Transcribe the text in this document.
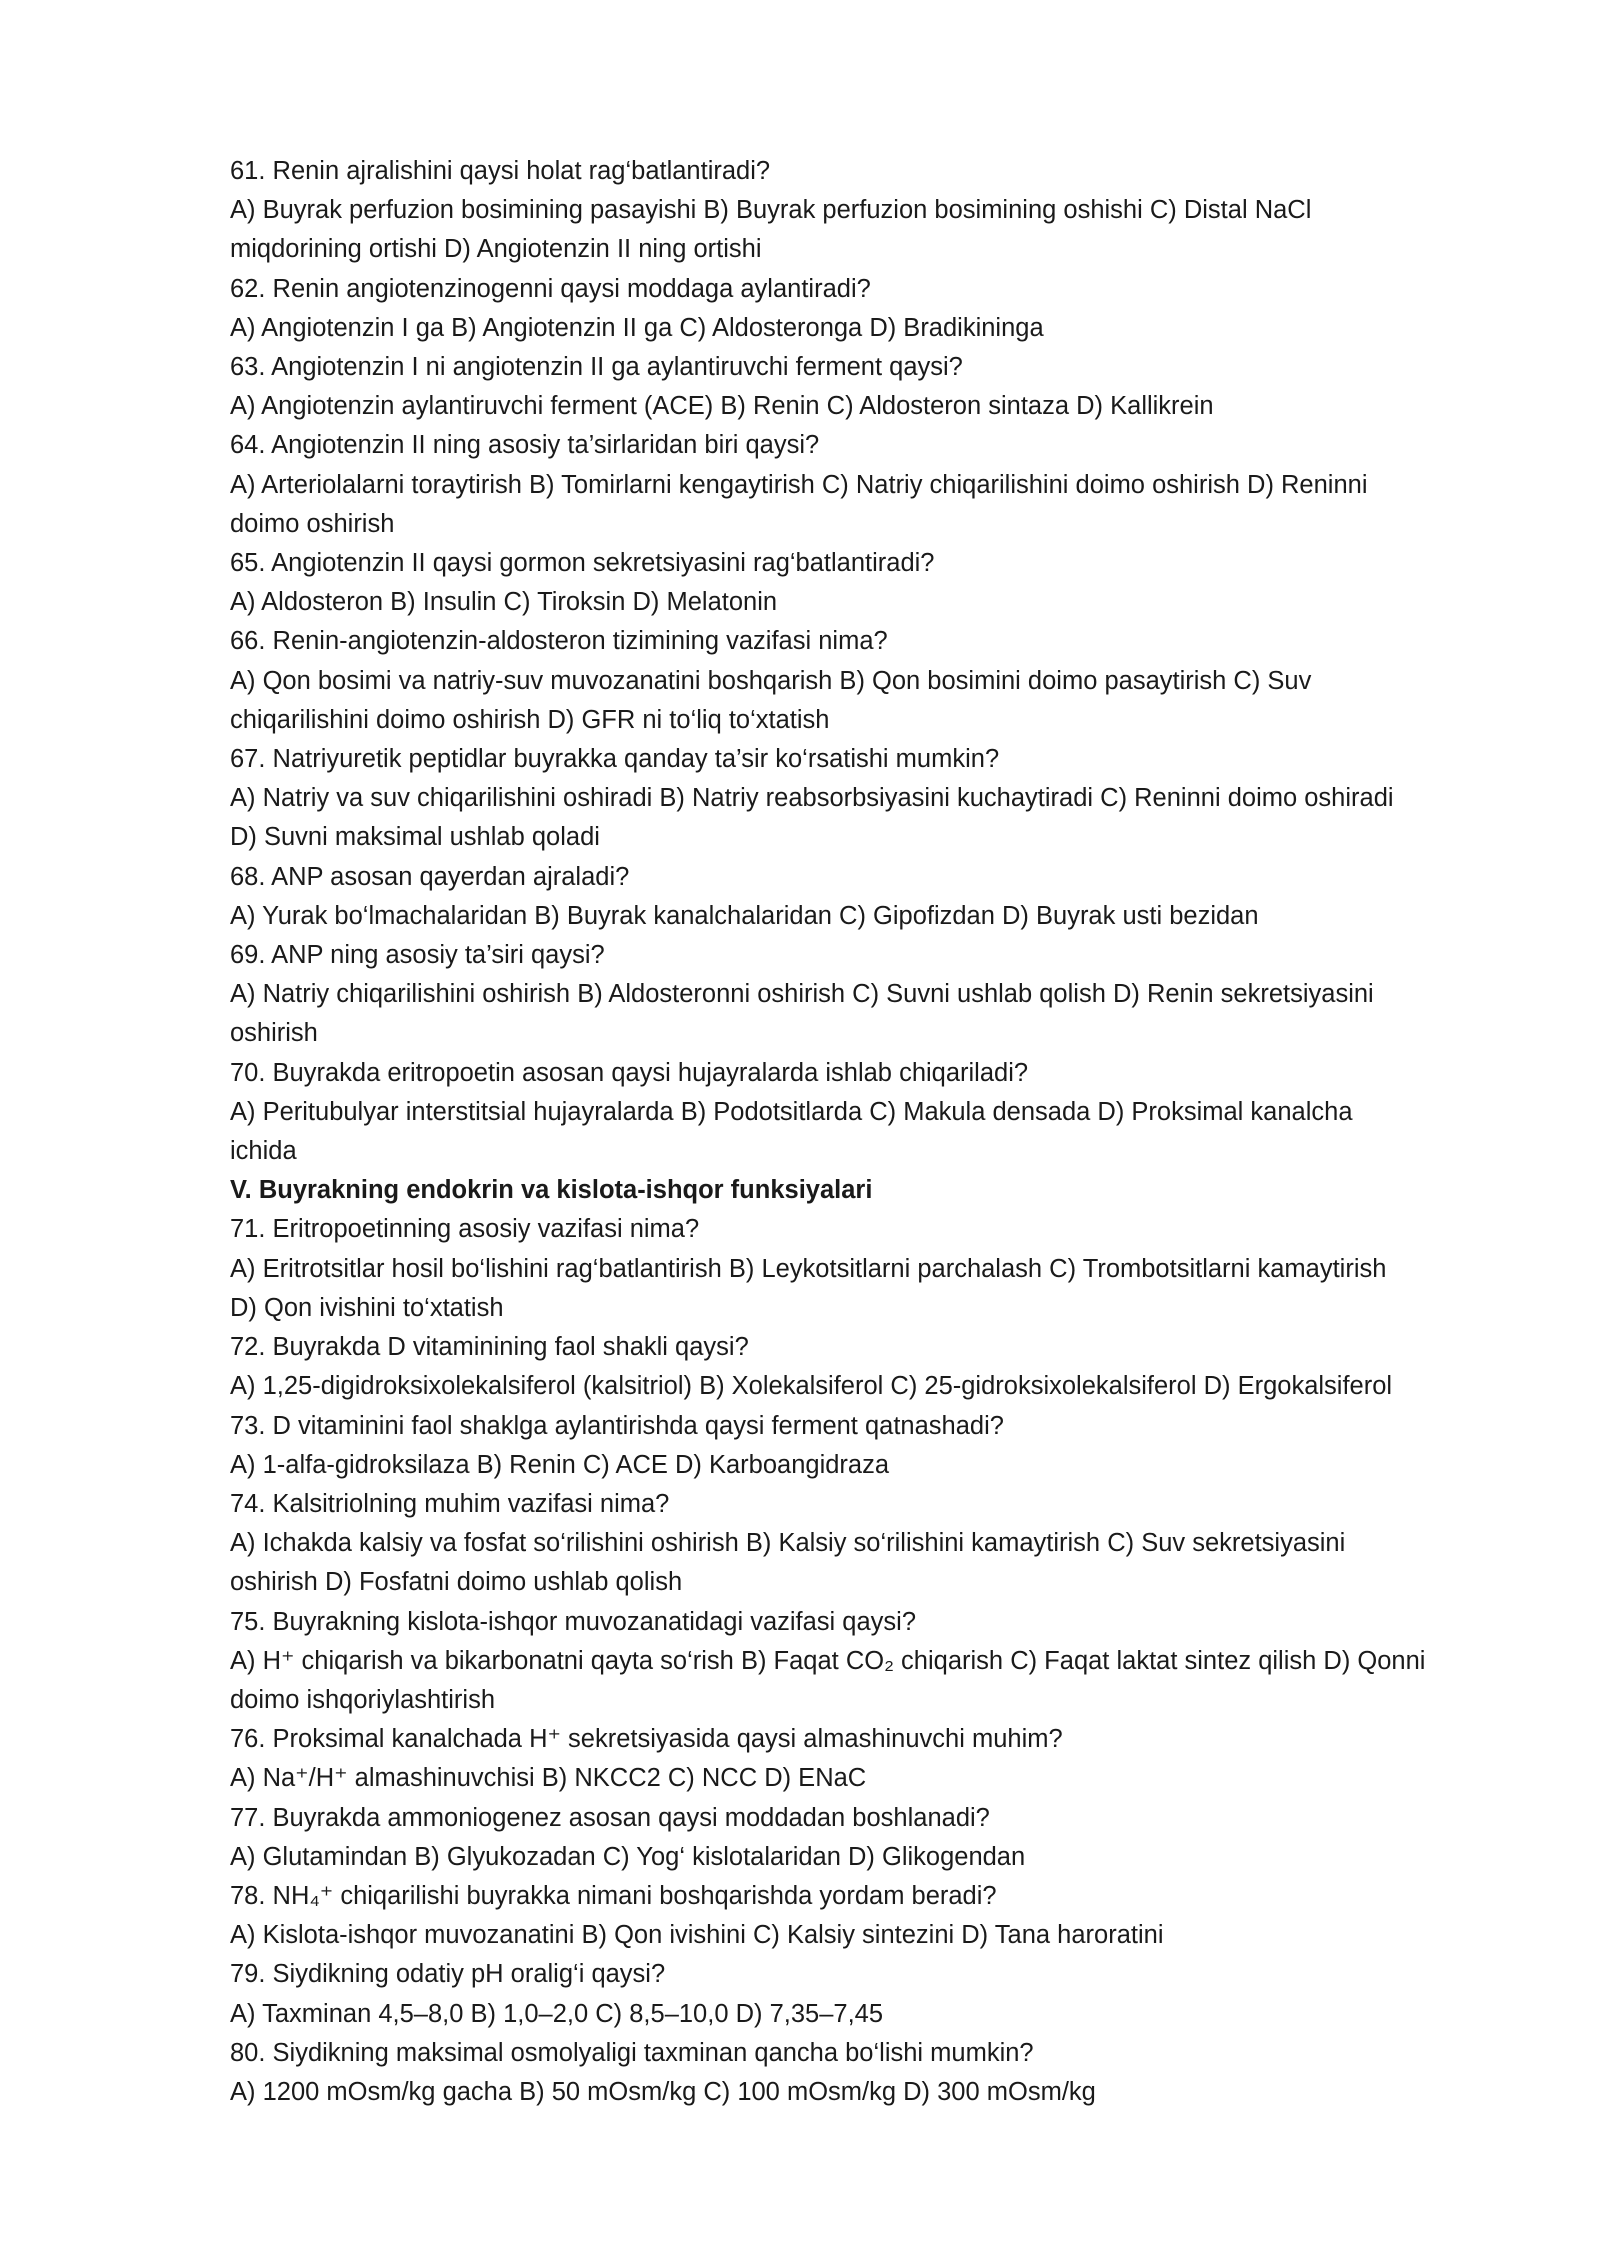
61. Renin ajralishini qaysi holat rag‘batlantiradi?

A) Buyrak perfuzion bosimining pasayishi B) Buyrak perfuzion bosimining oshishi C) Distal NaCl

miqdorining ortishi D) Angiotenzin II ning ortishi

62. Renin angiotenzinogenni qaysi moddaga aylantiradi?

A) Angiotenzin I ga B) Angiotenzin II ga C) Aldosteronga D) Bradikininga

63. Angiotenzin I ni angiotenzin II ga aylantiruvchi ferment qaysi?

A) Angiotenzin aylantiruvchi ferment (ACE) B) Renin C) Aldosteron sintaza D) Kallikrein

64. Angiotenzin II ning asosiy ta’sirlaridan biri qaysi?

A) Arteriolalarni toraytirish B) Tomirlarni kengaytirish C) Natriy chiqarilishini doimo oshirish D) Reninni

doimo oshirish

65. Angiotenzin II qaysi gormon sekretsiyasini rag‘batlantiradi?

A) Aldosteron B) Insulin C) Tiroksin D) Melatonin

66. Renin-angiotenzin-aldosteron tizimining vazifasi nima?

A) Qon bosimi va natriy-suv muvozanatini boshqarish B) Qon bosimini doimo pasaytirish C) Suv

chiqarilishini doimo oshirish D) GFR ni to‘liq to‘xtatish

67. Natriyuretik peptidlar buyrakka qanday ta’sir ko‘rsatishi mumkin?

A) Natriy va suv chiqarilishini oshiradi B) Natriy reabsorbsiyasini kuchaytiradi C) Reninni doimo oshiradi

D) Suvni maksimal ushlab qoladi

68. ANP asosan qayerdan ajraladi?

A) Yurak bo‘lmachalaridan B) Buyrak kanalchalaridan C) Gipofizdan D) Buyrak usti bezidan

69. ANP ning asosiy ta’siri qaysi?

A) Natriy chiqarilishini oshirish B) Aldosteronni oshirish C) Suvni ushlab qolish D) Renin sekretsiyasini

oshirish

70. Buyrakda eritropoetin asosan qaysi hujayralarda ishlab chiqariladi?

A) Peritubulyar interstitsial hujayralarda B) Podotsitlarda C) Makula densada D) Proksimal kanalcha

ichida

V. Buyrakning endokrin va kislota-ishqor funksiyalari

71. Eritropoetinning asosiy vazifasi nima?

A) Eritrotsitlar hosil bo‘lishini rag‘batlantirish B) Leykotsitlarni parchalash C) Trombotsitlarni kamaytirish

D) Qon ivishini to‘xtatish

72. Buyrakda D vitaminining faol shakli qaysi?

A) 1,25-digidroksixolekalsiferol (kalsitriol) B) Xolekalsiferol C) 25-gidroksixolekalsiferol D) Ergokalsiferol

73. D vitaminini faol shaklga aylantirishda qaysi ferment qatnashadi?

A) 1-alfa-gidroksilaza B) Renin C) ACE D) Karboangidraza

74. Kalsitriolning muhim vazifasi nima?

A) Ichakda kalsiy va fosfat so‘rilishini oshirish B) Kalsiy so‘rilishini kamaytirish C) Suv sekretsiyasini

oshirish D) Fosfatni doimo ushlab qolish

75. Buyrakning kislota-ishqor muvozanatidagi vazifasi qaysi?

A) H⁺ chiqarish va bikarbonatni qayta so‘rish B) Faqat CO₂ chiqarish C) Faqat laktat sintez qilish D) Qonni

doimo ishqoriylashtirish

76. Proksimal kanalchada H⁺ sekretsiyasida qaysi almashinuvchi muhim?

A) Na⁺/H⁺ almashinuvchisi B) NKCC2 C) NCC D) ENaC

77. Buyrakda ammoniogenez asosan qaysi moddadan boshlanadi?

A) Glutamindan B) Glyukozadan C) Yog‘ kislotalaridan D) Glikogendan

78. NH₄⁺ chiqarilishi buyrakka nimani boshqarishda yordam beradi?

A) Kislota-ishqor muvozanatini B) Qon ivishini C) Kalsiy sintezini D) Tana haroratini

79. Siydikning odatiy pH oralig‘i qaysi?

A) Taxminan 4,5–8,0 B) 1,0–2,0 C) 8,5–10,0 D) 7,35–7,45

80. Siydikning maksimal osmolyaligi taxminan qancha bo‘lishi mumkin?

A) 1200 mOsm/kg gacha B) 50 mOsm/kg C) 100 mOsm/kg D) 300 mOsm/kg
